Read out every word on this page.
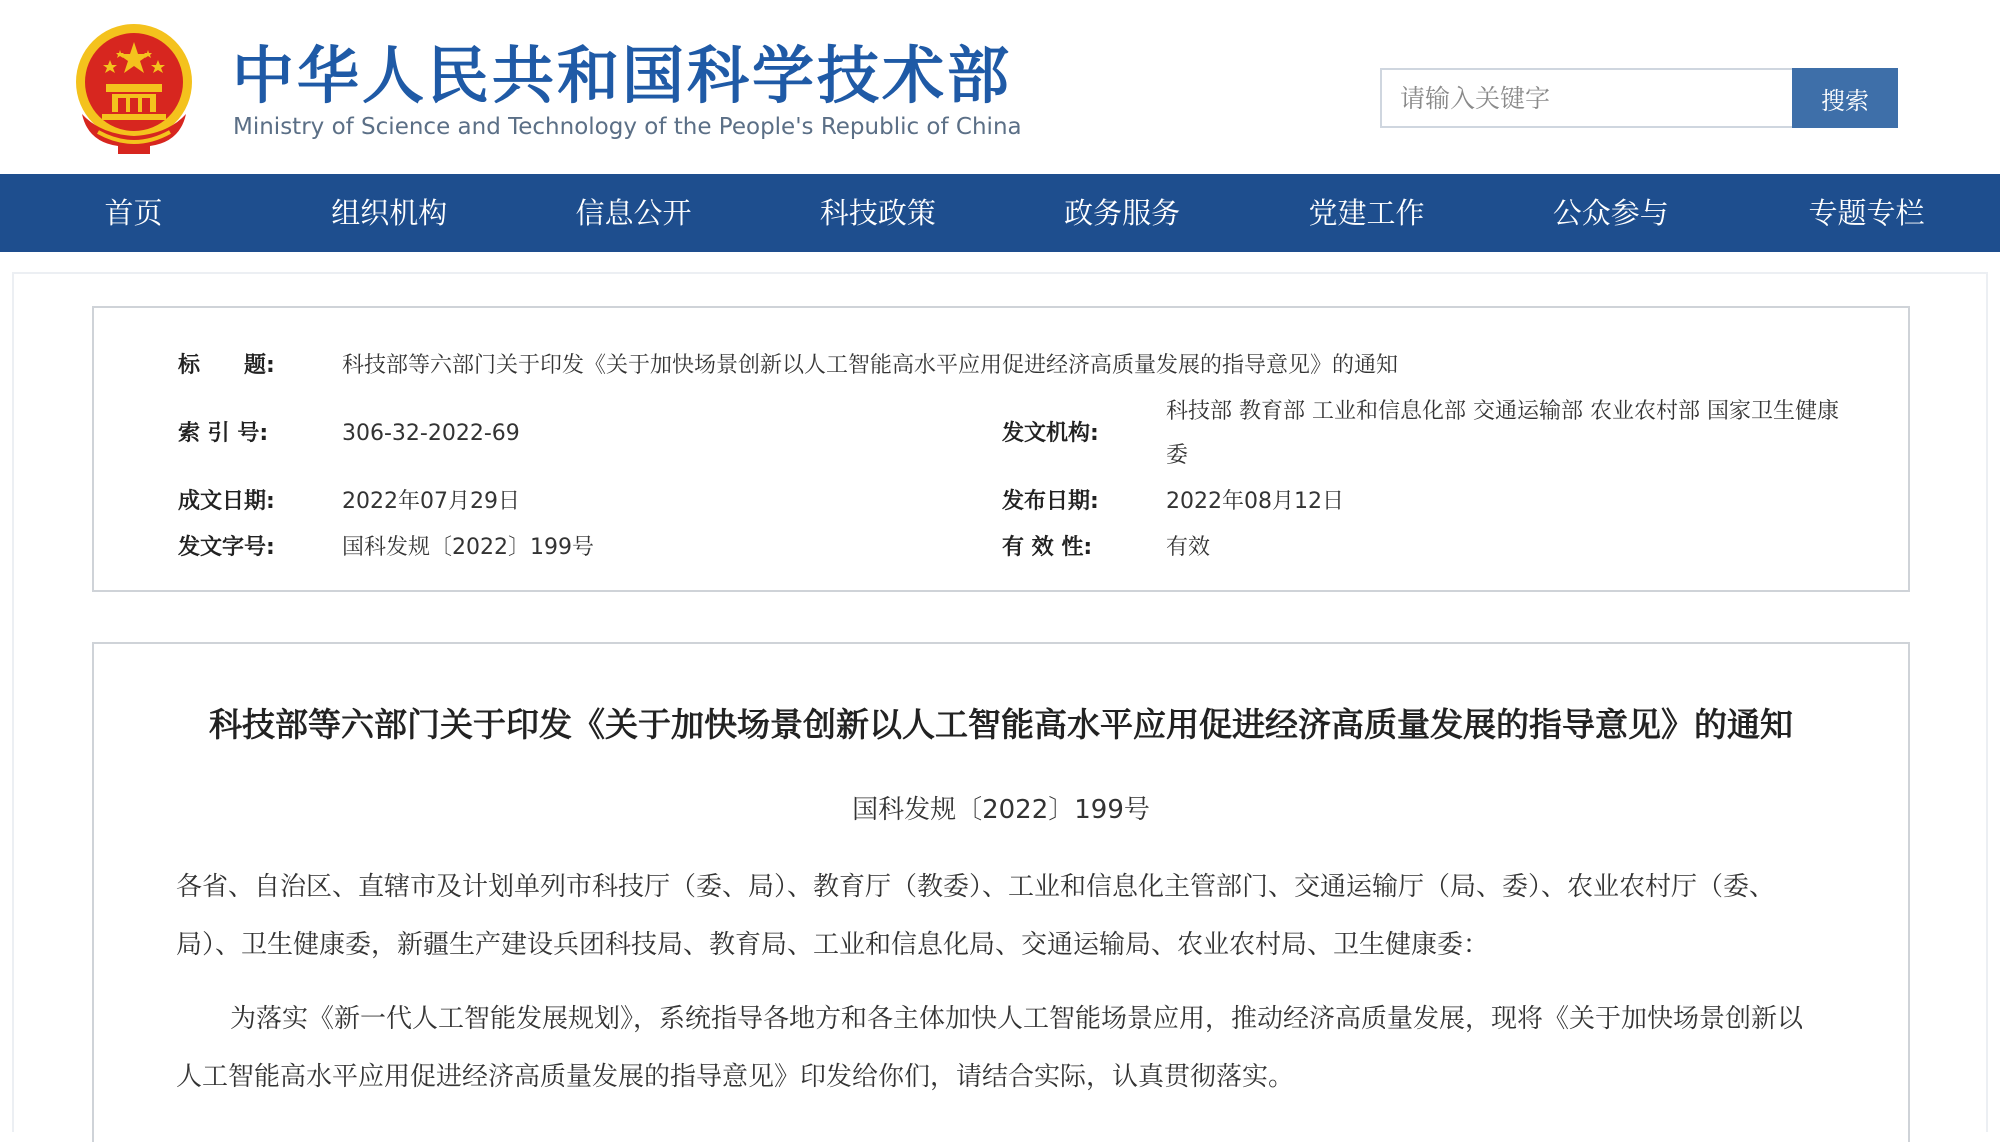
中华人民共和国科学技术部
Ministry of Science and Technology of the People's Republic of China
请输入关键字
搜索
首页	组织机构	信息公开	科技政策	政务服务	党建工作	公众参与	专题专栏
标　　题:	科技部等六部门关于印发《关于加快场景创新以人工智能高水平应用促进经济高质量发展的指导意见》的通知
索 引 号:	306-32-2022-69	发文机构:
科技部 教育部 工业和信息化部 交通运输部 农业农村部 国家卫生健康委
成文日期:	2022年07月29日	发布日期:	2022年08月12日
发文字号:	国科发规〔2022〕199号	有 效 性:	有效
科技部等六部门关于印发《关于加快场景创新以人工智能高水平应用促进经济高质量发展的指导意见》的通知
国科发规〔2022〕199号
各省、自治区、直辖市及计划单列市科技厅（委、局）、教育厅（教委）、工业和信息化主管部门、交通运输厅（局、委）、农业农村厅（委、局）、卫生健康委，新疆生产建设兵团科技局、教育局、工业和信息化局、交通运输局、农业农村局、卫生健康委：
为落实《新一代人工智能发展规划》，系统指导各地方和各主体加快人工智能场景应用，推动经济高质量发展，现将《关于加快场景创新以人工智能高水平应用促进经济高质量发展的指导意见》印发给你们，请结合实际，认真贯彻落实。
